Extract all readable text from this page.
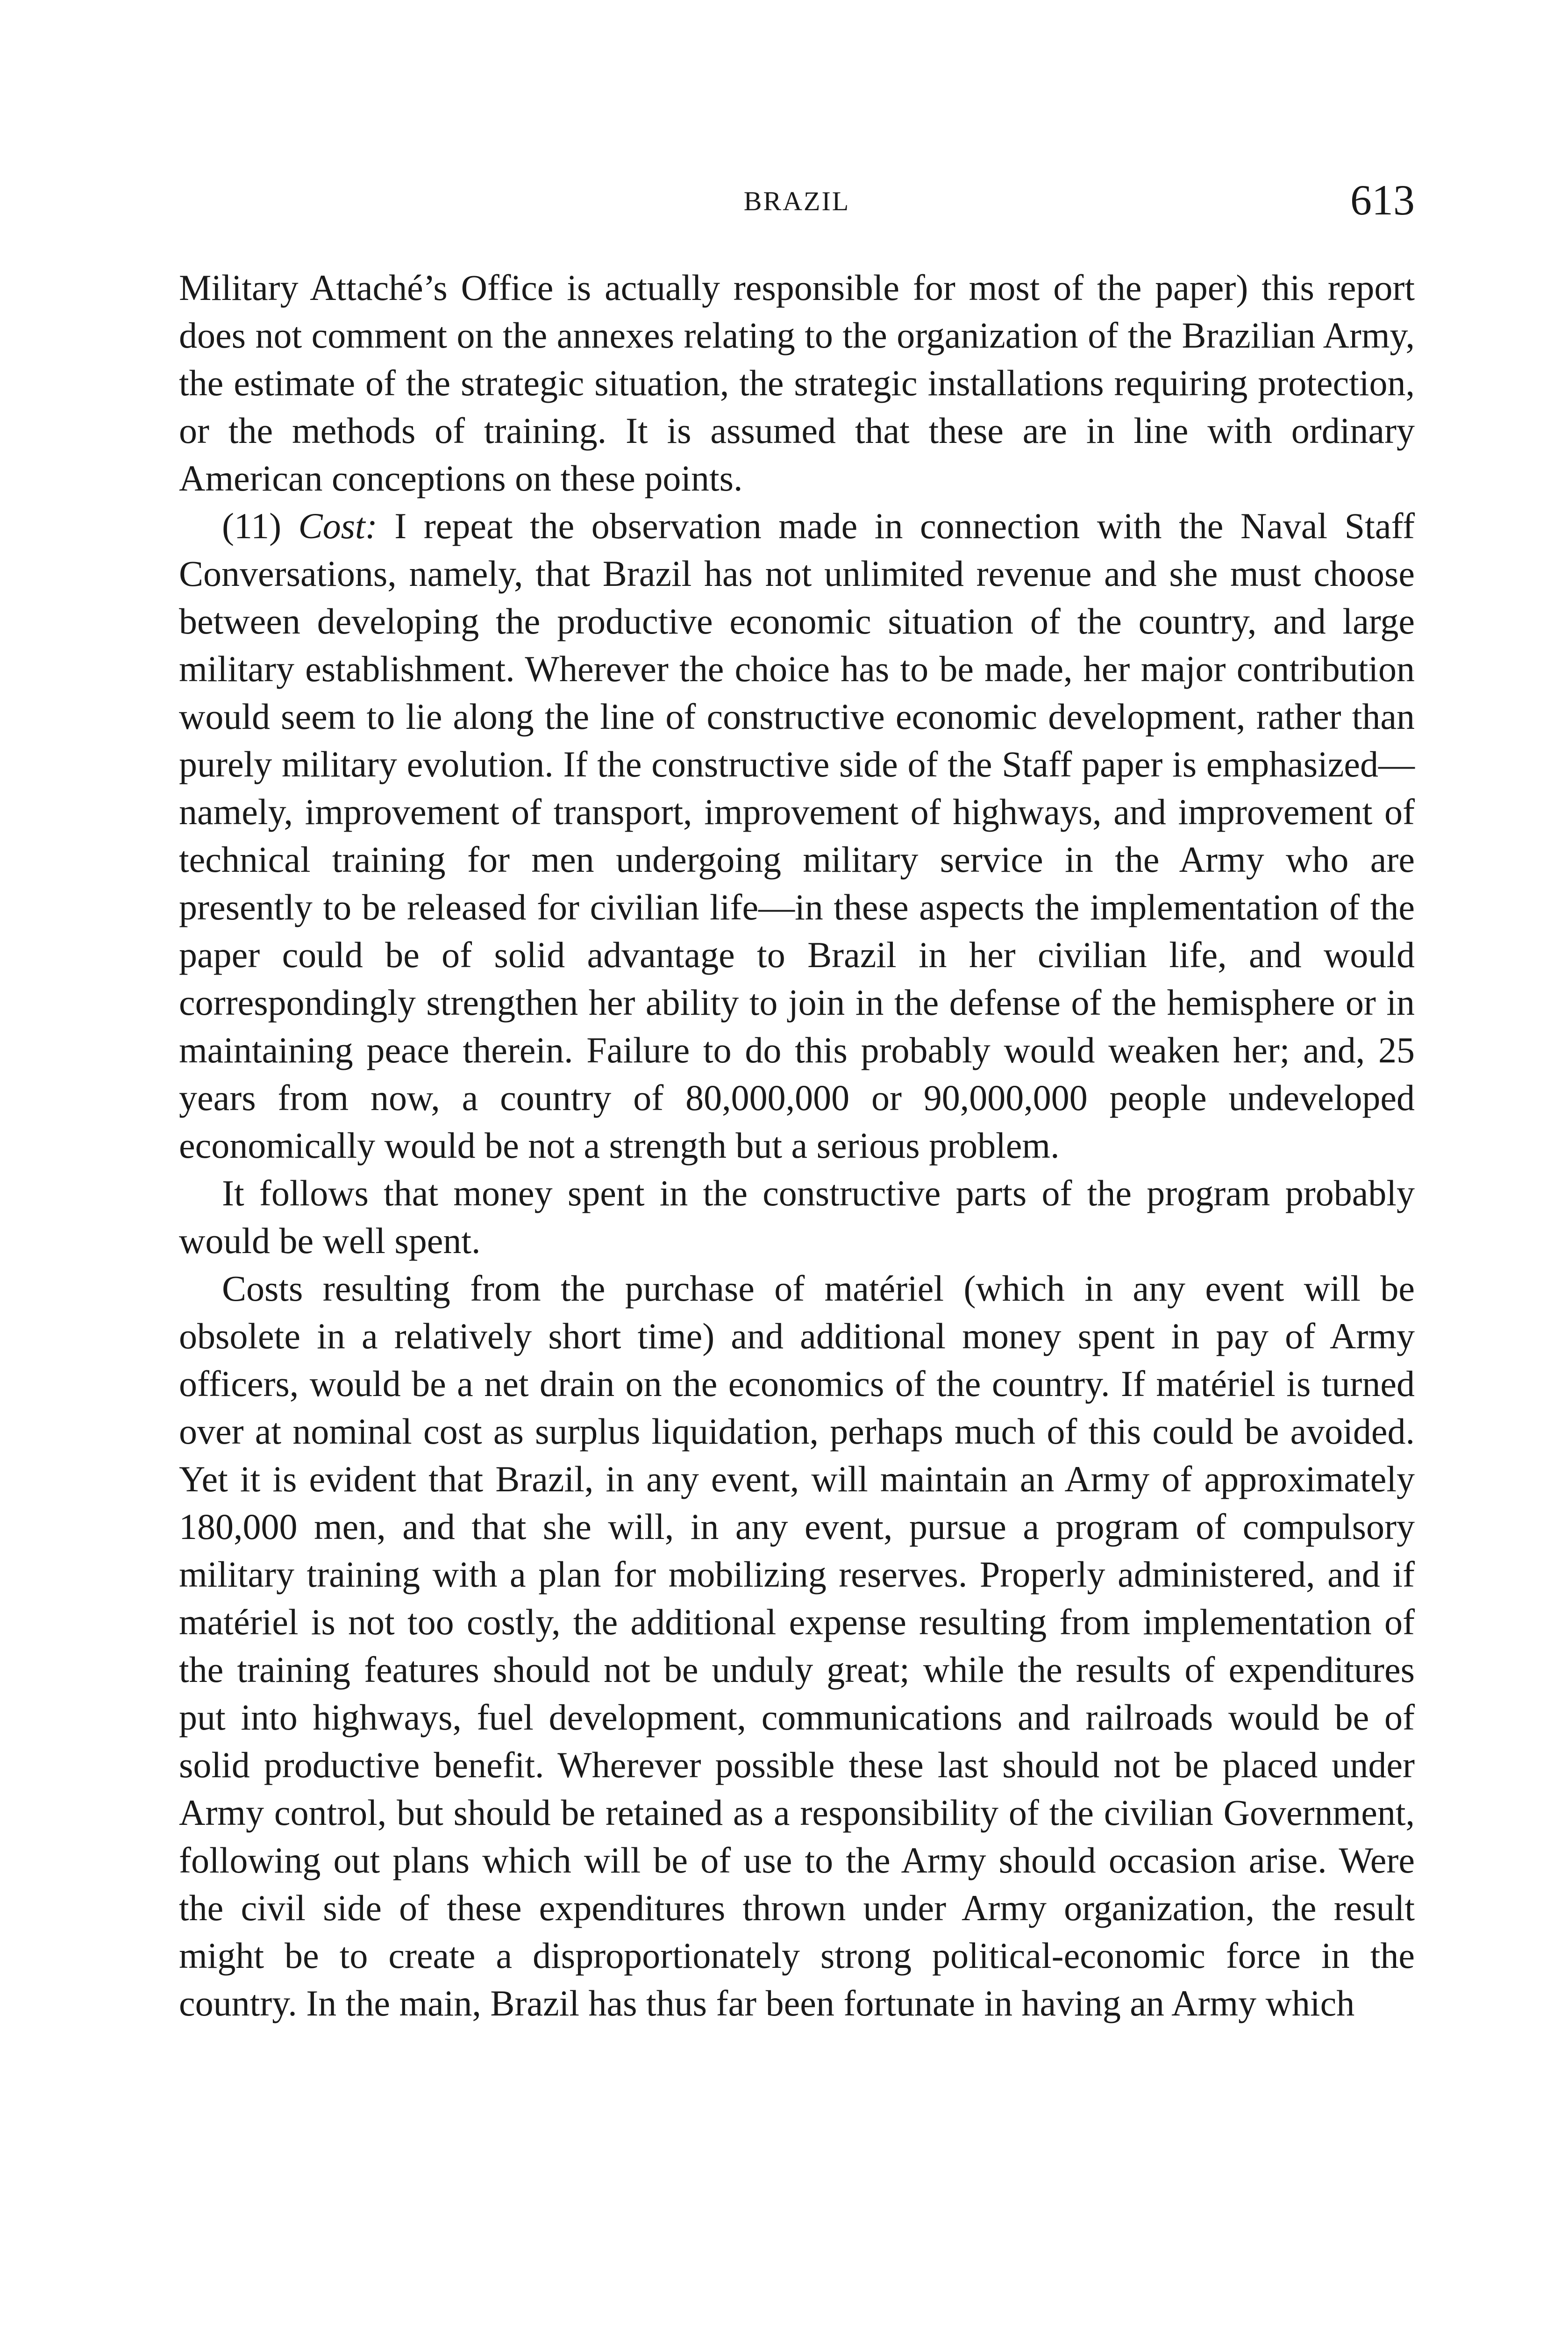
BRAZIL	613

Military Attaché’s Office is actually responsible for most of the paper) this report does not comment on the annexes relating to the organization of the Brazilian Army, the estimate of the strategic situation, the strategic installations requiring protection, or the methods of training. It is assumed that these are in line with ordinary American conceptions on these points.

(11) Cost: I repeat the observation made in connection with the Naval Staff Conversations, namely, that Brazil has not unlimited revenue and she must choose between developing the productive economic situation of the country, and large military establishment. Wherever the choice has to be made, her major contribution would seem to lie along the line of constructive economic development, rather than purely military evolution. If the constructive side of the Staff paper is emphasized—namely, improvement of transport, improvement of highways, and improvement of technical training for men undergoing military service in the Army who are presently to be released for civilian life—in these aspects the implementation of the paper could be of solid advantage to Brazil in her civilian life, and would correspondingly strengthen her ability to join in the defense of the hemisphere or in maintaining peace therein. Failure to do this probably would weaken her; and, 25 years from now, a country of 80,000,000 or 90,000,000 people undeveloped economically would be not a strength but a serious problem.

It follows that money spent in the constructive parts of the program probably would be well spent.

Costs resulting from the purchase of matériel (which in any event will be obsolete in a relatively short time) and additional money spent in pay of Army officers, would be a net drain on the economics of the country. If matériel is turned over at nominal cost as surplus liquidation, perhaps much of this could be avoided. Yet it is evident that Brazil, in any event, will maintain an Army of approximately 180,000 men, and that she will, in any event, pursue a program of compulsory military training with a plan for mobilizing reserves. Properly administered, and if matériel is not too costly, the additional expense resulting from implementation of the training features should not be unduly great; while the results of expenditures put into highways, fuel development, communications and railroads would be of solid productive benefit. Wherever possible these last should not be placed under Army control, but should be retained as a responsibility of the civilian Government, following out plans which will be of use to the Army should occasion arise. Were the civil side of these expenditures thrown under Army organization, the result might be to create a disproportionately strong political-economic force in the country. In the main, Brazil has thus far been fortunate in having an Army which
